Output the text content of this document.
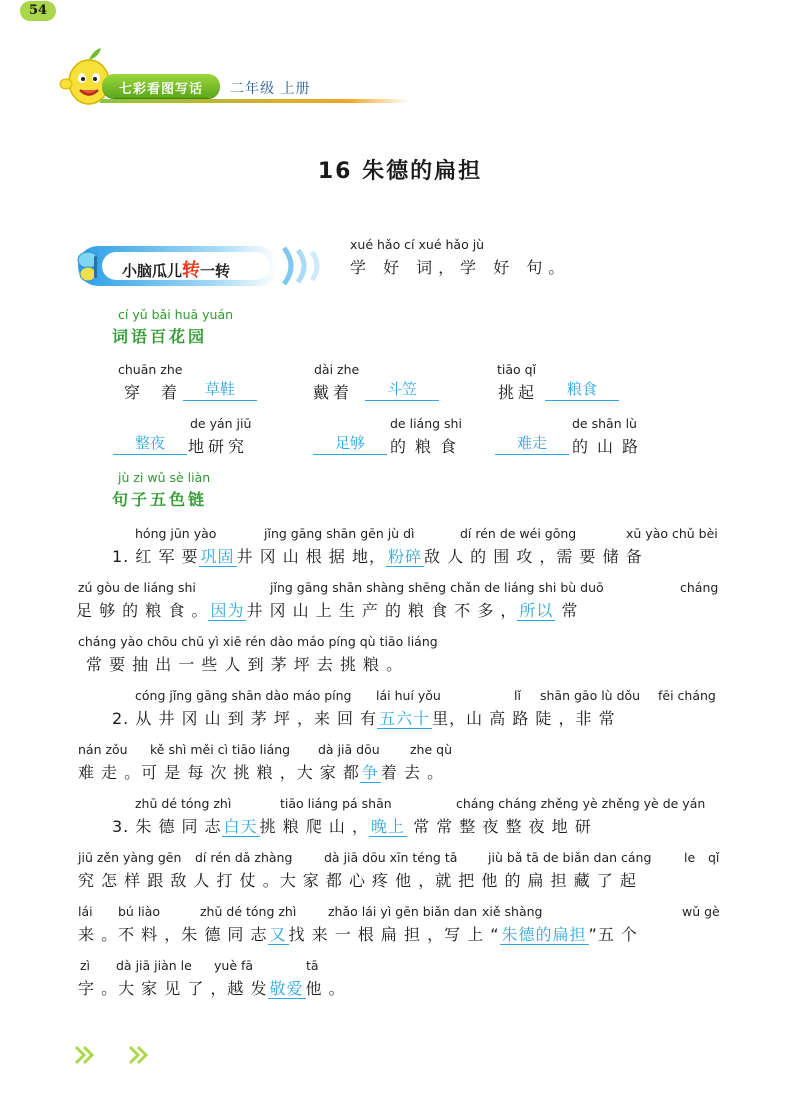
七彩看图写话	二年级 上册
16 朱德的扁担
小脑瓜儿转一转
xué hǎo cí xué hǎo jù
学 好 词，学 好 句。
cí yǔ bǎi huā yuán
词语百花园
chuān zhe
穿 着	草鞋
dài zhe
戴着	斗笠
tiāo qǐ
挑起	粮食
de yán jiū
整夜	地研究
de liáng shi
足够	的粮食
de shān lù
难走	的山路
jù zi wǔ sè liàn
句子五色链
hóng jūn yào	jǐng gāng shān gēn jù dì	dí rén de wéi gōng	xū yào chǔ bèi
1. 红 军 要 巩固 井 冈 山 根 据 地， 粉碎 敌 人 的 围 攻 ，需 要 储 备
zú gòu de liáng shi	jǐng gāng shān shàng shēng chǎn de liáng shi bù duō	cháng
足 够 的 粮 食 。 因为 井 冈 山 上 生 产 的 粮 食 不 多 ， 所以 常
cháng yào chōu chū yì xiē rén dào máo píng qù tiāo liáng
常 要 抽 出 一 些 人 到 茅 坪 去 挑 粮 。
cóng jǐng gāng shān dào máo píng lái huí yǒu	lǐ shān gāo lù dǒu fēi cháng
2. 从 井 冈 山 到 茅 坪 ，来 回 有 五六十 里，山 高 路 陡 ，非 常
nán zǒu kě shì měi cì tiāo liáng dà jiā dōu zhe qù
难 走 。可 是 每 次 挑 粮 ，大 家 都 争 着 去 。
zhū dé tóng zhì	tiāo liáng pá shān	cháng cháng zhěng yè zhěng yè de yán
3. 朱 德 同 志 白天 挑 粮 爬 山 ， 晚上 常 常 整 夜 整 夜 地 研
jiū zěn yàng gēn dí rén dǎ zhàng	dà jiā dōu xīn téng tā jiù bǎ tā de biǎn dan cáng	le qǐ
究 怎 样 跟 敌 人 打 仗 。大 家 都 心 疼 他 ，就 把 他 的 扁 担 藏 了 起
lái bú liào	zhū dé tóng zhì	zhǎo lái yì gēn biǎn dan xiě shàng	wǔ gè
来 。不 料 ，朱 德 同 志 又 找 来 一 根 扁 担 ，写 上 “ 朱德的扁担 ”五 个
zì dà jiā jiàn le yuè fā	tā
字 。大 家 见 了 ，越 发 敬爱 他 。
54
